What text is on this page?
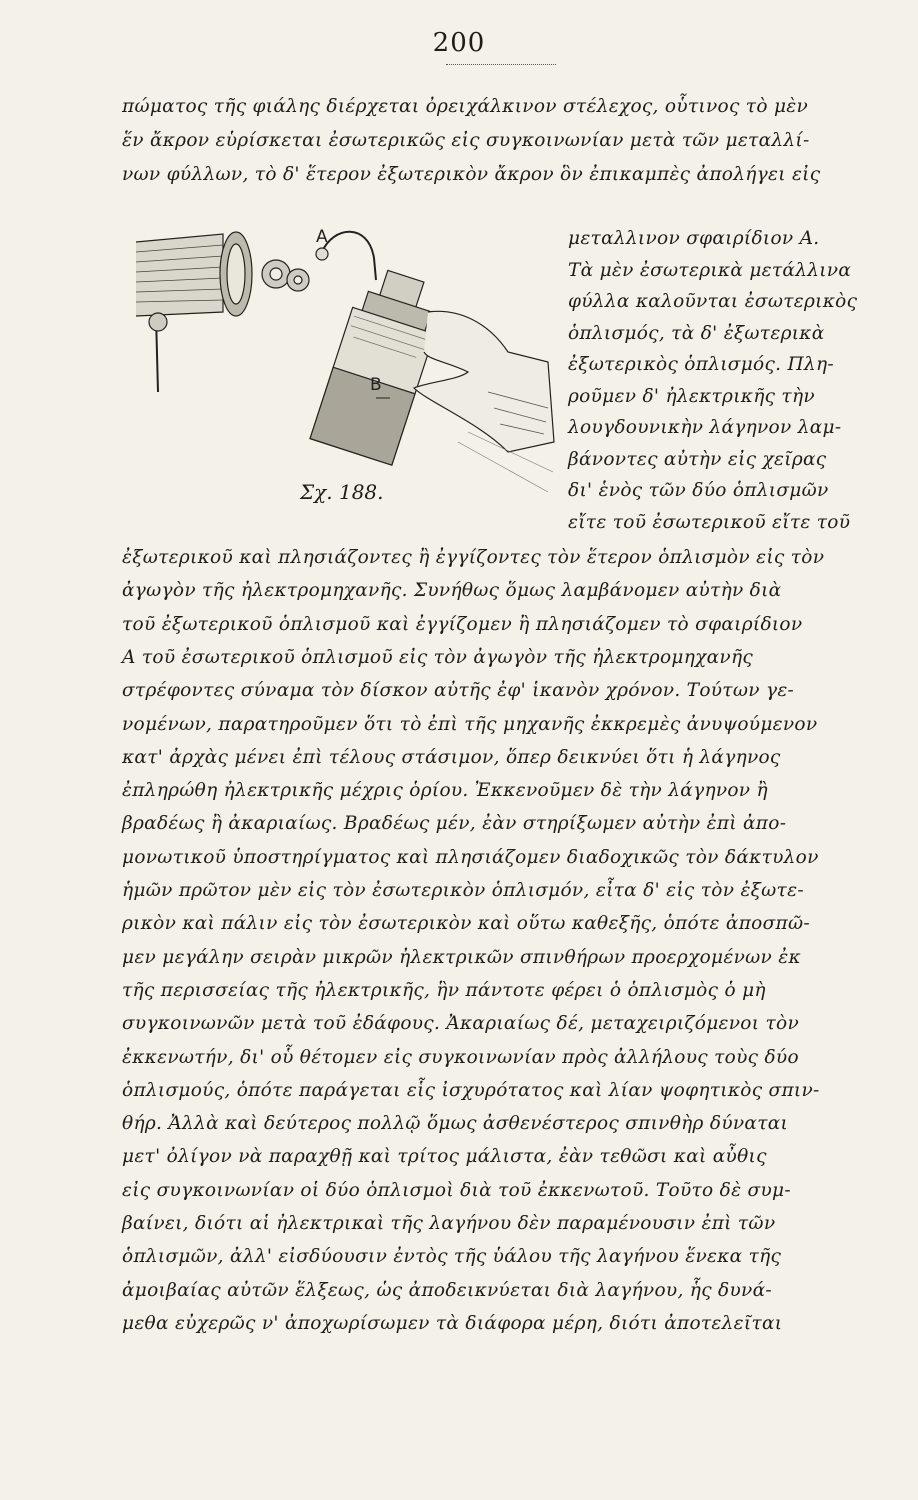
200
πώματος τῆς φιάλης διέρχεται ὀρειχάλκινον στέλεχος, οὗτινος τὸ μὲν
ἕν ἄκρον εὑρίσκεται ἐσωτερικῶς εἰς συγκοινωνίαν μετὰ τῶν μεταλλί-
νων φύλλων, τὸ δ' ἕτερον ἐξωτερικὸν ἄκρον ὃν ἐπικαμπὲς ἀπολήγει εἰς
A
B
Σχ. 188.
μεταλλινον σφαιρίδιον Α.
Τὰ μὲν ἐσωτερικὰ μετάλλινα
φύλλα καλοῦνται ἐσωτερικὸς
ὁπλισμός, τὰ δ' ἐξωτερικὰ
ἐξωτερικὸς ὁπλισμός. Πλη-
ροῦμεν δ' ἠλεκτρικῆς τὴν
λουγδουνικὴν λάγηνον λαμ-
βάνοντες αὐτὴν εἰς χεῖρας
δι' ἑνὸς τῶν δύο ὁπλισμῶν
εἴτε τοῦ ἐσωτερικοῦ εἴτε τοῦ
ἐξωτερικοῦ καὶ πλησιάζοντες ἢ ἐγγίζοντες τὸν ἕτερον ὁπλισμὸν εἰς τὸν
ἀγωγὸν τῆς ἠλεκτρομηχανῆς. Συνήθως ὅμως λαμβάνομεν αὐτὴν διὰ
τοῦ ἐξωτερικοῦ ὁπλισμοῦ καὶ ἐγγίζομεν ἢ πλησιάζομεν τὸ σφαιρίδιον
Α τοῦ ἐσωτερικοῦ ὁπλισμοῦ εἰς τὸν ἀγωγὸν τῆς ἠλεκτρομηχανῆς
στρέφοντες σύναμα τὸν δίσκον αὐτῆς ἐφ' ἱκανὸν χρόνον. Τούτων γε-
νομένων, παρατηροῦμεν ὅτι τὸ ἐπὶ τῆς μηχανῆς ἐκκρεμὲς ἀνυψούμενον
κατ' ἀρχὰς μένει ἐπὶ τέλους στάσιμον, ὅπερ δεικνύει ὅτι ἡ λάγηνος
ἐπληρώθη ἠλεκτρικῆς μέχρις ὁρίου. Ἐκκενοῦμεν δὲ τὴν λάγηνον ἢ
βραδέως ἢ ἀκαριαίως. Βραδέως μέν, ἐὰν στηρίξωμεν αὐτὴν ἐπὶ ἀπο-
μονωτικοῦ ὑποστηρίγματος καὶ πλησιάζομεν διαδοχικῶς τὸν δάκτυλον
ἡμῶν πρῶτον μὲν εἰς τὸν ἐσωτερικὸν ὁπλισμόν, εἶτα δ' εἰς τὸν ἐξωτε-
ρικὸν καὶ πάλιν εἰς τὸν ἐσωτερικὸν καὶ οὕτω καθεξῆς, ὁπότε ἀποσπῶ-
μεν μεγάλην σειρὰν μικρῶν ἠλεκτρικῶν σπινθήρων προερχομένων ἐκ
τῆς περισσείας τῆς ἠλεκτρικῆς, ἣν πάντοτε φέρει ὁ ὁπλισμὸς ὁ μὴ
συγκοινωνῶν μετὰ τοῦ ἐδάφους. Ἀκαριαίως δέ, μεταχειριζόμενοι τὸν
ἐκκενωτήν, δι' οὗ θέτομεν εἰς συγκοινωνίαν πρὸς ἀλλήλους τοὺς δύο
ὁπλισμούς, ὁπότε παράγεται εἷς ἰσχυρότατος καὶ λίαν ψοφητικὸς σπιν-
θήρ. Ἀλλὰ καὶ δεύτερος πολλῷ ὅμως ἀσθενέστερος σπινθὴρ δύναται
μετ' ὀλίγον νὰ παραχθῇ καὶ τρίτος μάλιστα, ἐὰν τεθῶσι καὶ αὖθις
εἰς συγκοινωνίαν οἱ δύο ὁπλισμοὶ διὰ τοῦ ἐκκενωτοῦ. Τοῦτο δὲ συμ-
βαίνει, διότι αἱ ἠλεκτρικαὶ τῆς λαγήνου δὲν παραμένουσιν ἐπὶ τῶν
ὁπλισμῶν, ἀλλ' εἰσδύουσιν ἐντὸς τῆς ὑάλου τῆς λαγήνου ἕνεκα τῆς
ἀμοιβαίας αὐτῶν ἕλξεως, ὡς ἀποδεικνύεται διὰ λαγήνου, ἧς δυνά-
μεθα εὐχερῶς ν' ἀποχωρίσωμεν τὰ διάφορα μέρη, διότι ἀποτελεῖται
